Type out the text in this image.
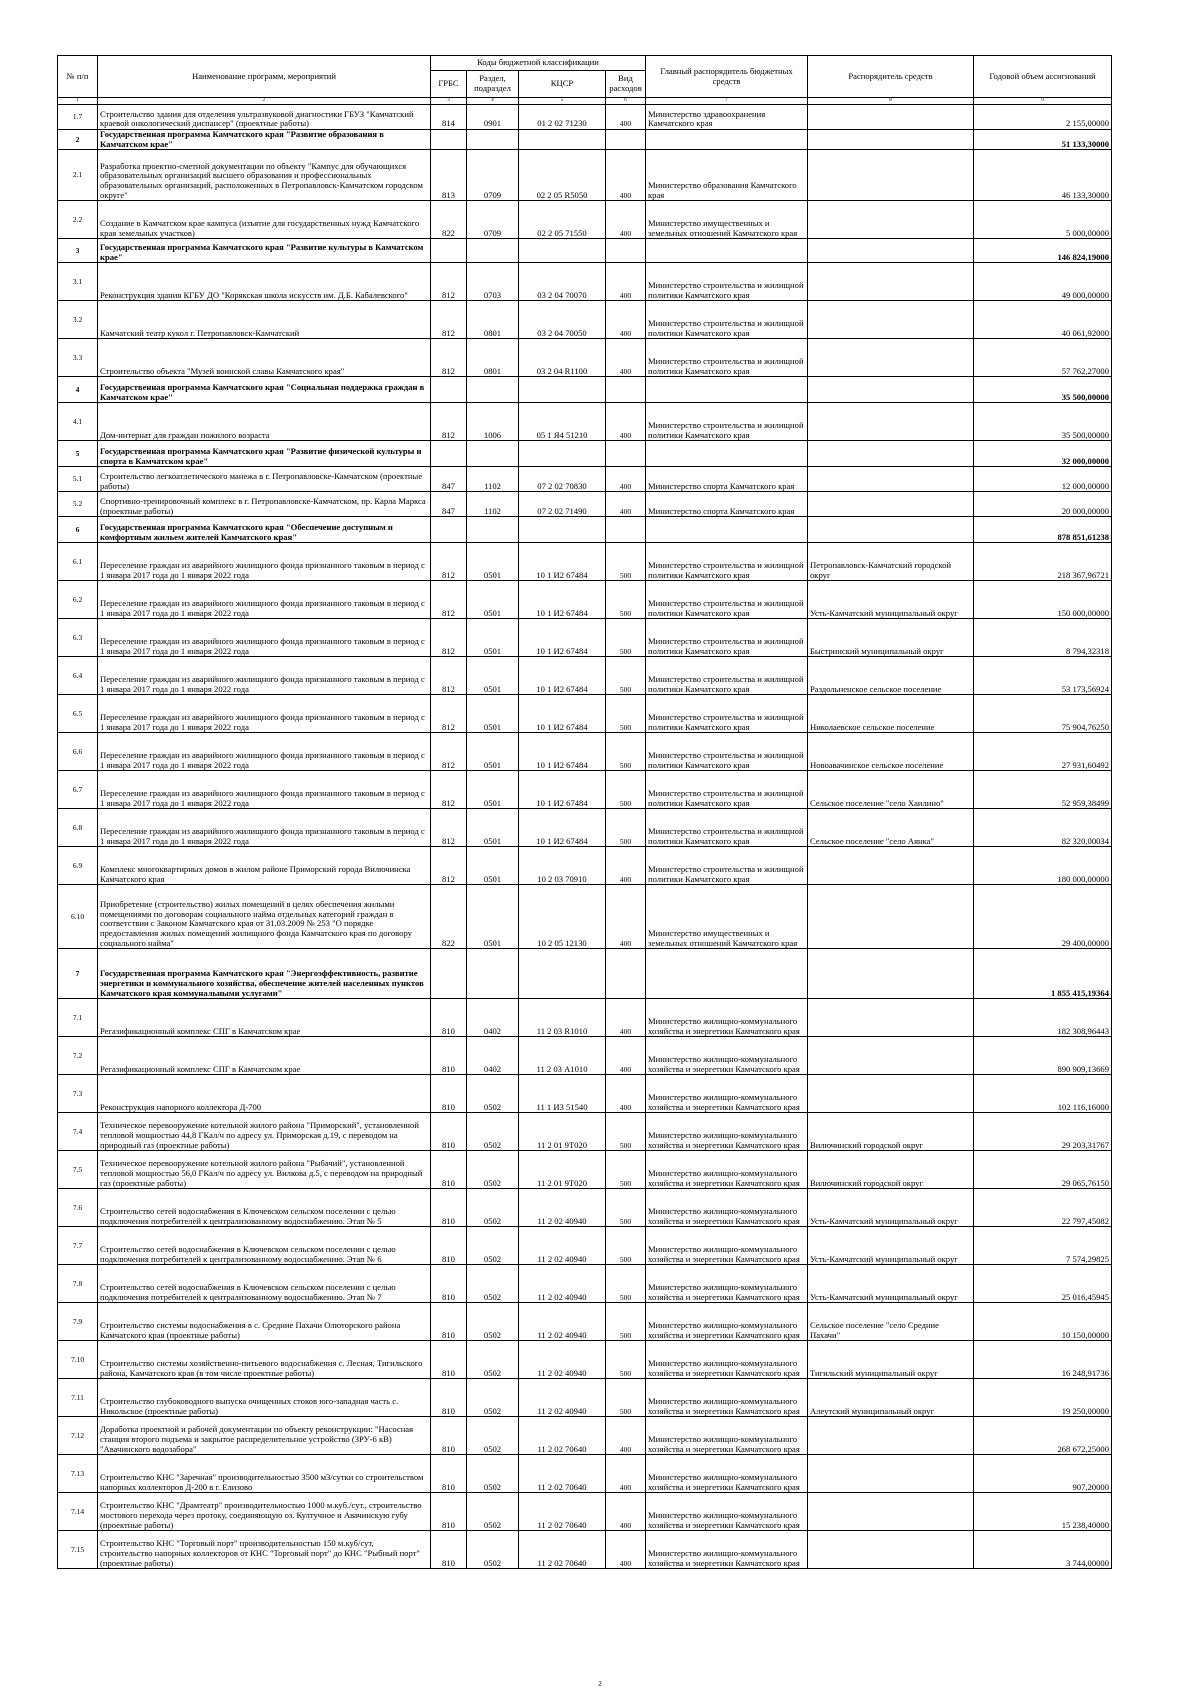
№ п/п	Наименование программ, мероприятий	Коды бюджетной классификации				Главный распорядитель бюджетных средств	Распорядитель средств	Годовой объем ассигнований
		ГРБС	Раздел, подраздел	КЦСР	Вид расходов			
1	2	3	4	5	6	7	8	9
1.7	Строительство здания для отделения ультразвуковой диагностики ГБУЗ "Камчатский краевой онкологический диспансер" (проектные работы)	814	0901	01 2 02 71230	400	Министерство здравоохранения Камчатского края		2 155,00000
2	Государственная программа Камчатского края "Развитие образования в Камчатском крае"							51 133,30000
2.1	Разработка проектно-сметной документации по объекту "Кампус для обучающихся образовательных организаций высшего образования и профессиональных образовательных организаций, расположенных в Петропавловск-Камчатском городском округе"	813	0709	02 2 05 R5050	400	Министерство образования Камчатского края		46 133,30000
2.2	Создание в Камчатском крае кампуса (изъятие для государственных нужд Камчатского края земельных участков)	822	0709	02 2 05 71550	400	Министерство имущественных и земельных отношений Камчатского края		5 000,00000
3	Государственная программа Камчатского края "Развитие культуры в Камчатском крае"							146 824,19000
3.1	Реконструкция здания КГБУ ДО "Корякская школа искусств им. Д.Б. Кабалевского"	812	0703	03 2 04 70070	400	Министерство строительства и жилищной политики Камчатского края		49 000,00000
3.2	Камчатский театр кукол г. Петропавловск-Камчатский	812	0801	03 2 04 70050	400	Министерство строительства и жилищной политики Камчатского края		40 061,92000
3.3	Строительство объекта "Музей воинской славы Камчатского края"	812	0801	03 2 04 R1100	400	Министерство строительства и жилищной политики Камчатского края		57 762,27000
4	Государственная программа Камчатского края "Социальная поддержка граждан в Камчатском крае"							35 500,00000
4.1	Дом-интернат для граждан пожилого возраста	812	1006	05 1 Я4 51210	400	Министерство строительства и жилищной политики Камчатского края		35 500,00000
5	Государственная программа Камчатского края "Развитие физической культуры и спорта в Камчатском крае"							32 000,00000
5.1	Строительство легкоатлетического манежа в г. Петропавловске-Камчатском (проектные работы)	847	1102	07 2 02 70830	400	Министерство спорта Камчатского края		12 000,00000
5.2	Спортивно-тренировочный комплекс в г. Петропавловске-Камчатском, пр. Карла Маркса (проектные работы)	847	1102	07 2 02 71490	400	Министерство спорта Камчатского края		20 000,00000
6	Государственная программа Камчатского края "Обеспечение доступным и комфортным жильем жителей Камчатского края"							878 851,61238
6.1	Переселение граждан из аварийного жилищного фонда признанного таковым в период с 1 январа 2017 года до 1 января 2022 года	812	0501	10 1 И2 67484	500	Министерство строительства и жилищной политики Камчатского края	Петропавловск-Камчатский городской округ	218 367,96721
6.2	Переселение граждан из аварийного жилищного фонда признанного таковым в период с 1 январа 2017 года до 1 января 2022 года	812	0501	10 1 И2 67484	500	Министерство строительства и жилищной политики Камчатского края	Усть-Камчатский муниципальный округ	150 000,00000
6.3	Переселение граждан из аварийного жилищного фонда признанного таковым в период с 1 январа 2017 года до 1 января 2022 года	812	0501	10 1 И2 67484	500	Министерство строительства и жилищной политики Камчатского края	Быстринский муниципальный округ	8 794,32318
6.4	Переселение граждан из аварийного жилищного фонда признанного таковым в период с 1 январа 2017 года до 1 января 2022 года	812	0501	10 1 И2 67484	500	Министерство строительства и жилищной политики Камчатского края	Раздольненское сельское поселение	53 173,56924
6.5	Переселение граждан из аварийного жилищного фонда признанного таковым в период с 1 январа 2017 года до 1 января 2022 года	812	0501	10 1 И2 67484	500	Министерство строительства и жилищной политики Камчатского края	Николаевское сельское поселение	75 904,76250
6.6	Переселение граждан из аварийного жилищного фонда признанного таковым в период с 1 январа 2017 года до 1 января 2022 года	812	0501	10 1 И2 67484	500	Министерство строительства и жилищной политики Камчатского края	Новоавачинское сельское поселение	27 931,60492
6.7	Переселение граждан из аварийного жилищного фонда признанного таковым в период с 1 январа 2017 года до 1 января 2022 года	812	0501	10 1 И2 67484	500	Министерство строительства и жилищной политики Камчатского края	Сельское поселение "село Хаилино"	52 959,38499
6.8	Переселение граждан из аварийного жилищного фонда признанного таковым в период с 1 январа 2017 года до 1 января 2022 года	812	0501	10 1 И2 67484	500	Министерство строительства и жилищной политики Камчатского края	Сельское поселение "село Аянка"	82 320,00034
6.9	Комплекс многоквартирных домов в жилом районе Приморский города Вилючинска Камчатского края	812	0501	10 2 03 70910	400	Министерство строительства и жилищной политики Камчатского края		180 000,00000
6.10	Приобретение (строительство) жилых помещений в целях обеспечения жилыми помещениями по договорам социального найма отдельных категорий граждан в соответствии с Законом Камчатского края от 31.03.2009 № 253 "О порядке предоставления жилых помещений жилищного фонда Камчатского края по договору социального найма"	822	0501	10 2 05 12130	400	Министерство имущественных и земельных отношений Камчатского края		29 400,00000
7	Государственная программа Камчатского края "Энергоэффективность, развитие энергетики и коммунального хозяйства, обеспечение жителей населенных пунктов Камчатского края коммунальными услугами"							1 855 415,19364
7.1	Регазификационный комплекс СПГ в Камчатском крае	810	0402	11 2 03 R1010	400	Министерство жилищно-коммунального хозяйства и энергетики Камчатского края		182 308,96443
7.2	Регазификационный комплекс СПГ в Камчатском крае	810	0402	11 2 03 А1010	400	Министерство жилищно-коммунального хозяйства и энергетики Камчатского края		890 909,13669
7.3	Реконструкция напорного коллектора Д-700	810	0502	11 1 И3 51540	400	Министерство жилищно-коммунального хозяйства и энергетики Камчатского края		102 116,16000
7.4	Техническое перевооружение котельной жилого района "Приморский", установленной тепловой мощностью 44,8 ГКал/ч по адресу ул. Приморская д.19, с переводом на природный газ (проектные работы)	810	0502	11 2 01 9Т020	500	Министерство жилищно-коммунального хозяйства и энергетики Камчатского края	Вилючинский городской округ	29 203,31767
7.5	Техническое перевооружение котельной жилого района "Рыбачий", установленной тепловой мощностью 56,0 ГКал/ч по адресу ул. Вилкова д.5, с переводом на природный газ (проектные работы)	810	0502	11 2 01 9Т020	500	Министерство жилищно-коммунального хозяйства и энергетики Камчатского края	Вилючинский городской округ	29 065,76150
7.6	Строительство сетей водоснабжения в Ключевском сельском поселении с целью подключения потребителей к централизованному водоснабжению. Этап № 5	810	0502	11 2 02 40940	500	Министерство жилищно-коммунального хозяйства и энергетики Камчатского края	Усть-Камчатский муниципальный округ	22 797,45082
7.7	Строительство сетей водоснабжения в Ключевском сельском поселении с целью подключения потребителей к централизованному водоснабжению. Этап № 6	810	0502	11 2 02 40940	500	Министерство жилищно-коммунального хозяйства и энергетики Камчатского края	Усть-Камчатский муниципальный округ	7 574,29825
7.8	Строительство сетей водоснабжения в Ключевском сельском поселении с целью подключения потребителей к централизованному водоснабжению. Этап № 7	810	0502	11 2 02 40940	500	Министерство жилищно-коммунального хозяйства и энергетики Камчатского края	Усть-Камчатский муниципальный округ	25 016,45945
7.9	Строительство системы водоснабжения в с. Средние Пахачи Олюторского района Камчатского края (проектные работы)	810	0502	11 2 02 40940	500	Министерство жилищно-коммунального хозяйства и энергетики Камчатского края	Сельское поселение "село Средние Пахачи"	10 150,00000
7.10	Строительство системы хозяйственно-питьевого водоснабжения с. Лесная, Тигильского района, Камчатского края (в том числе проектные работы)	810	0502	11 2 02 40940	500	Министерство жилищно-коммунального хозяйства и энергетики Камчатского края	Тигильский муниципальный округ	16 248,91736
7.11	Строительство глубоководного выпуска очищенных стоков юго-западная часть с. Никольское (проектные работы)	810	0502	11 2 02 40940	500	Министерство жилищно-коммунального хозяйства и энергетики Камчатского края	Алеутский муниципальный округ	19 250,00000
7.12	Доработка проектной и рабочей документации по объекту реконструкции: "Насосная станция второго подъема и закрытое распределительное устройство (ЗРУ-6 кВ) "Авачинского водозабора"	810	0502	11 2 02 70640	400	Министерство жилищно-коммунального хозяйства и энергетики Камчатского края		268 672,25000
7.13	Строительство КНС "Заречная" производительностью 3500 м3/сутки со строительством напорных коллекторов Д-200 в г. Елизово	810	0502	11 2 02 70640	400	Министерство жилищно-коммунального хозяйства и энергетики Камчатского края		907,20000
7.14	Строительство КНС "Драмтеатр" производительностью 1000 м.куб./сут., строительство мостового перехода через протоку, соединяющую оз. Култучное и Авачинскую губу (проектные работы)	810	0502	11 2 02 70640	400	Министерство жилищно-коммунального хозяйства и энергетики Камчатского края		15 238,40000
7.15	Строительство КНС "Торговый порт" производительностью 150 м.куб/сут, строительство напорных коллекторов от КНС "Торговый порт" до КНС "Рыбный порт" (проектные работы)	810	0502	11 2 02 70640	400	Министерство жилищно-коммунального хозяйства и энергетики Камчатского края		3 744,00000
2
